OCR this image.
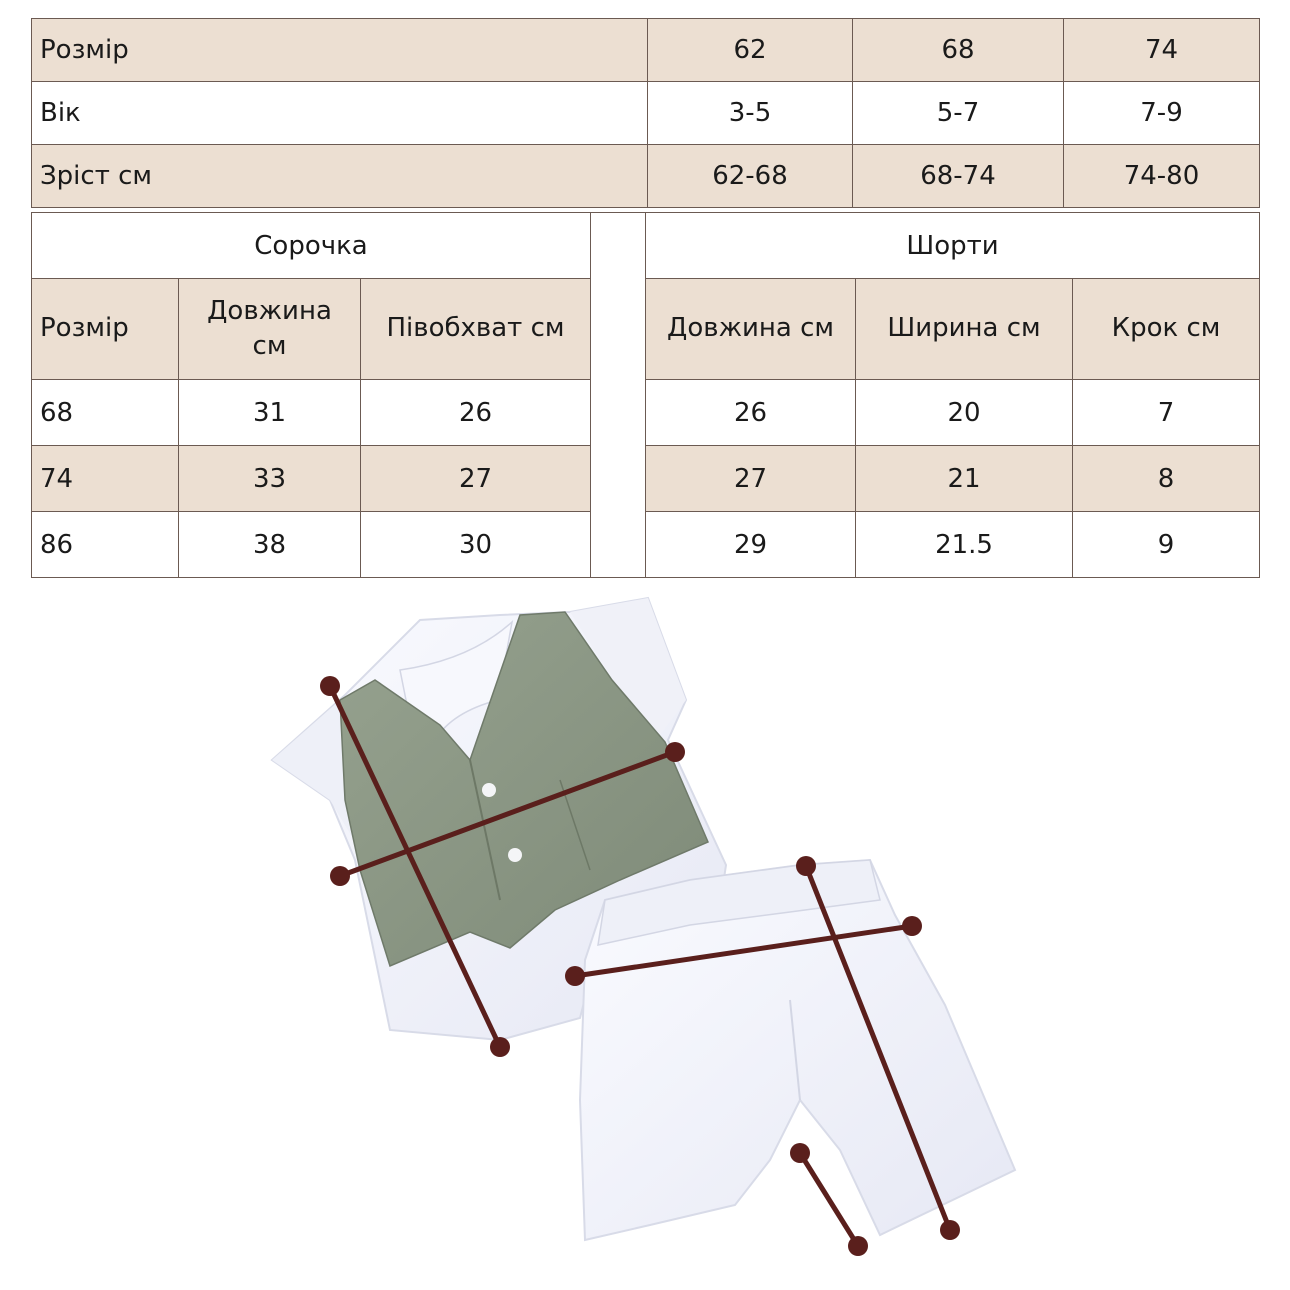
Розмір	62	68	74
Вік	3-5	5-7	7-9
Зріст см	62-68	68-74	74-80
Сорочка				Шорти		
Розмір	Довжина см	Півобхват см		Довжина см	Ширина см	Крок см
68	31	26		26	20	7
74	33	27		27	21	8
86	38	30		29	21.5	9
